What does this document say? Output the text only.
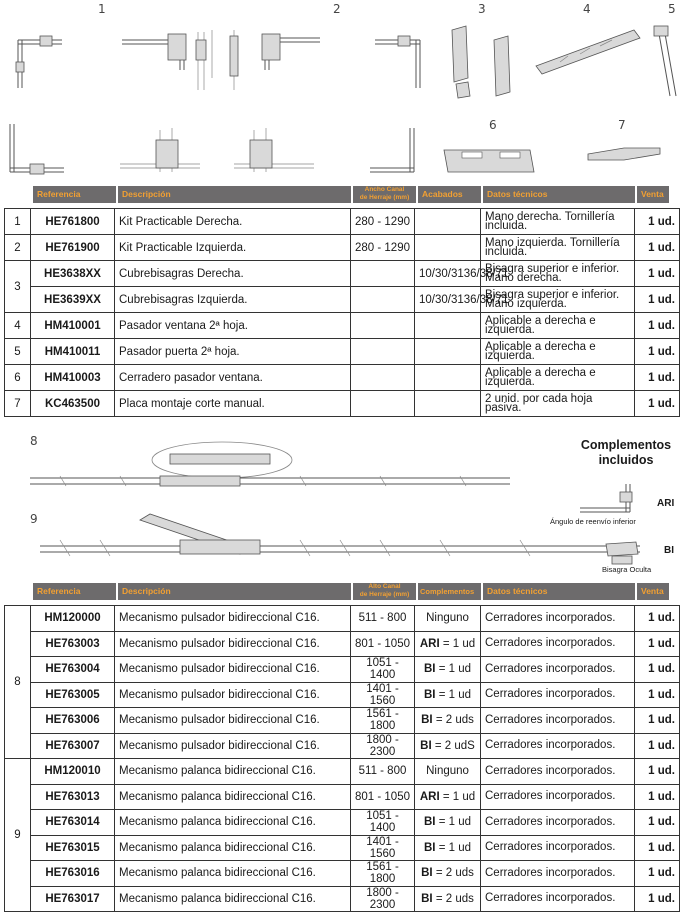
1	2	3	4	5
6	7
Referencia	Descripción	Ancho Canal
de Herraje (mm)	Acabados	Datos técnicos	Venta
1	HE761800	Kit Practicable Derecha.	280 - 1290		Mano derecha. Tornillería incluida.	1 ud.
2	HE761900	Kit Practicable Izquierda.	280 - 1290		Mano izquierda. Tornillería incluida.	1 ud.
3	HE3638XX	Cubrebisagras Derecha.		10/30/3136/38/71	Bisagra superior e inferior.
Mano derecha.	1 ud.
	HE3639XX	Cubrebisagras Izquierda.		10/30/3136/38/71	Bisagra superior e inferior.
Mano izquierda.	1 ud.
4	HM410001	Pasador ventana 2ª hoja.			Aplicable a derecha e izquierda.	1 ud.
5	HM410011	Pasador puerta 2ª hoja.			Aplicable a derecha e izquierda.	1 ud.
6	HM410003	Cerradero pasador ventana.			Aplicable a derecha e izquierda.	1 ud.
7	KC463500	Placa montaje corte manual.			2 unid. por cada hoja pasiva.	1 ud.
8
9
Complementos
incluidos
ARI
Ángulo de reenvío inferior
BI
Bisagra Oculta
Referencia	Descripción	Alto Canal
de Herraje (mm)	Complementos	Datos técnicos	Venta
8	HM120000	Mecanismo pulsador bidireccional C16.	511 - 800	Ninguno	Cerradores incorporados.	1 ud.
	HE763003	Mecanismo pulsador bidireccional C16.	801 - 1050	ARI = 1 ud	Cerradores incorporados.	1 ud.
	HE763004	Mecanismo pulsador bidireccional C16.	1051 - 1400	BI = 1 ud	Cerradores incorporados.	1 ud.
	HE763005	Mecanismo pulsador bidireccional C16.	1401 - 1560	BI = 1 ud	Cerradores incorporados.	1 ud.
	HE763006	Mecanismo pulsador bidireccional C16.	1561 - 1800	BI = 2 uds	Cerradores incorporados.	1 ud.
	HE763007	Mecanismo pulsador bidireccional C16.	1800 - 2300	BI = 2 udS	Cerradores incorporados.	1 ud.
9	HM120010	Mecanismo palanca bidireccional C16.	511 - 800	Ninguno	Cerradores incorporados.	1 ud.
	HE763013	Mecanismo palanca bidireccional C16.	801 - 1050	ARI = 1 ud	Cerradores incorporados.	1 ud.
	HE763014	Mecanismo palanca bidireccional C16.	1051 - 1400	BI = 1 ud	Cerradores incorporados.	1 ud.
	HE763015	Mecanismo palanca bidireccional C16.	1401 - 1560	BI = 1 ud	Cerradores incorporados.	1 ud.
	HE763016	Mecanismo palanca bidireccional C16.	1561 - 1800	BI = 2 uds	Cerradores incorporados.	1 ud.
	HE763017	Mecanismo palanca bidireccional C16.	1800 - 2300	BI = 2 uds	Cerradores incorporados.	1 ud.
